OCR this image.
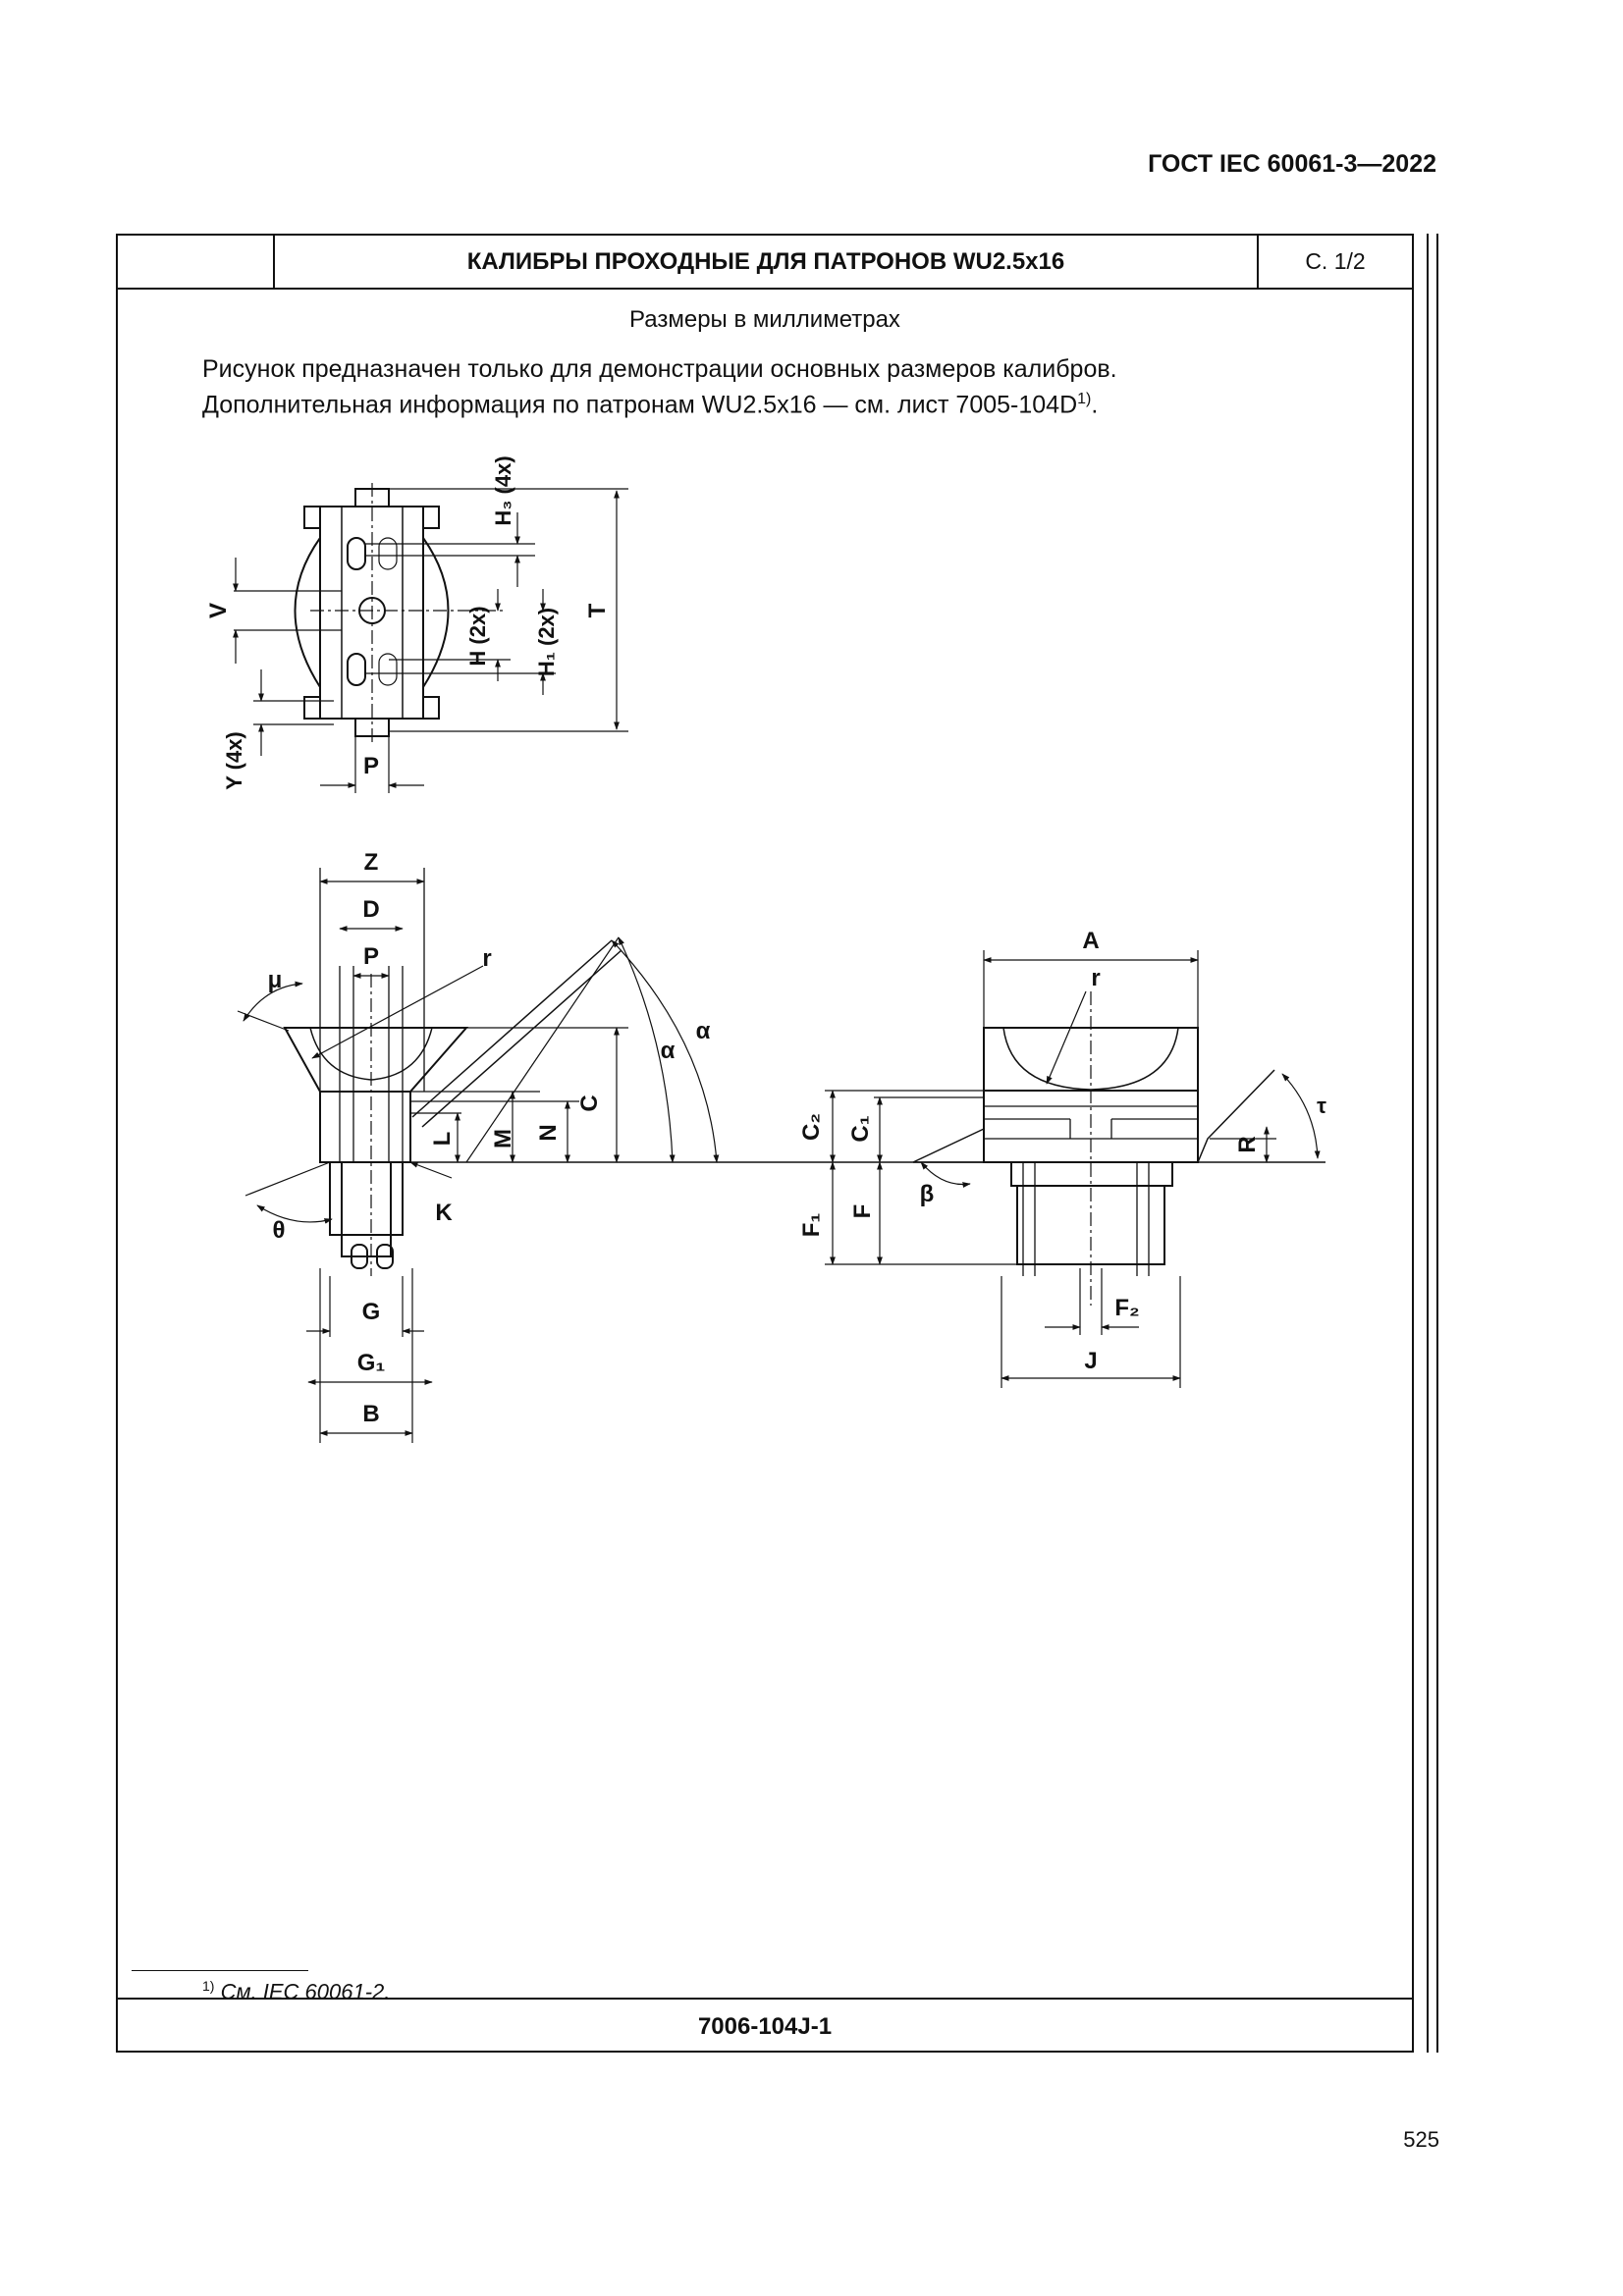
ГОСТ IEC 60061-3—2022
КАЛИБРЫ ПРОХОДНЫЕ ДЛЯ ПАТРОНОВ WU2.5x16	С. 1/2
Размеры в миллиметрах
Рисунок предназначен только для демонстрации основных размеров калибров.
Дополнительная информация по патронам WU2.5x16 — см. лист $7005-104D^{1)}$.
$^{1)}$ См. IEC 60061-2.
7006-104J-1
525
V
Y (4x)	P
H₃ (4x)
H (2x) H₁ (2x) T
Z
D
P
μ
r
α
α
C
N
M
L
K
θ
G
G₁
B
A
r
C₂ C₁
τ
R
β
F₁
F
F₂
J
